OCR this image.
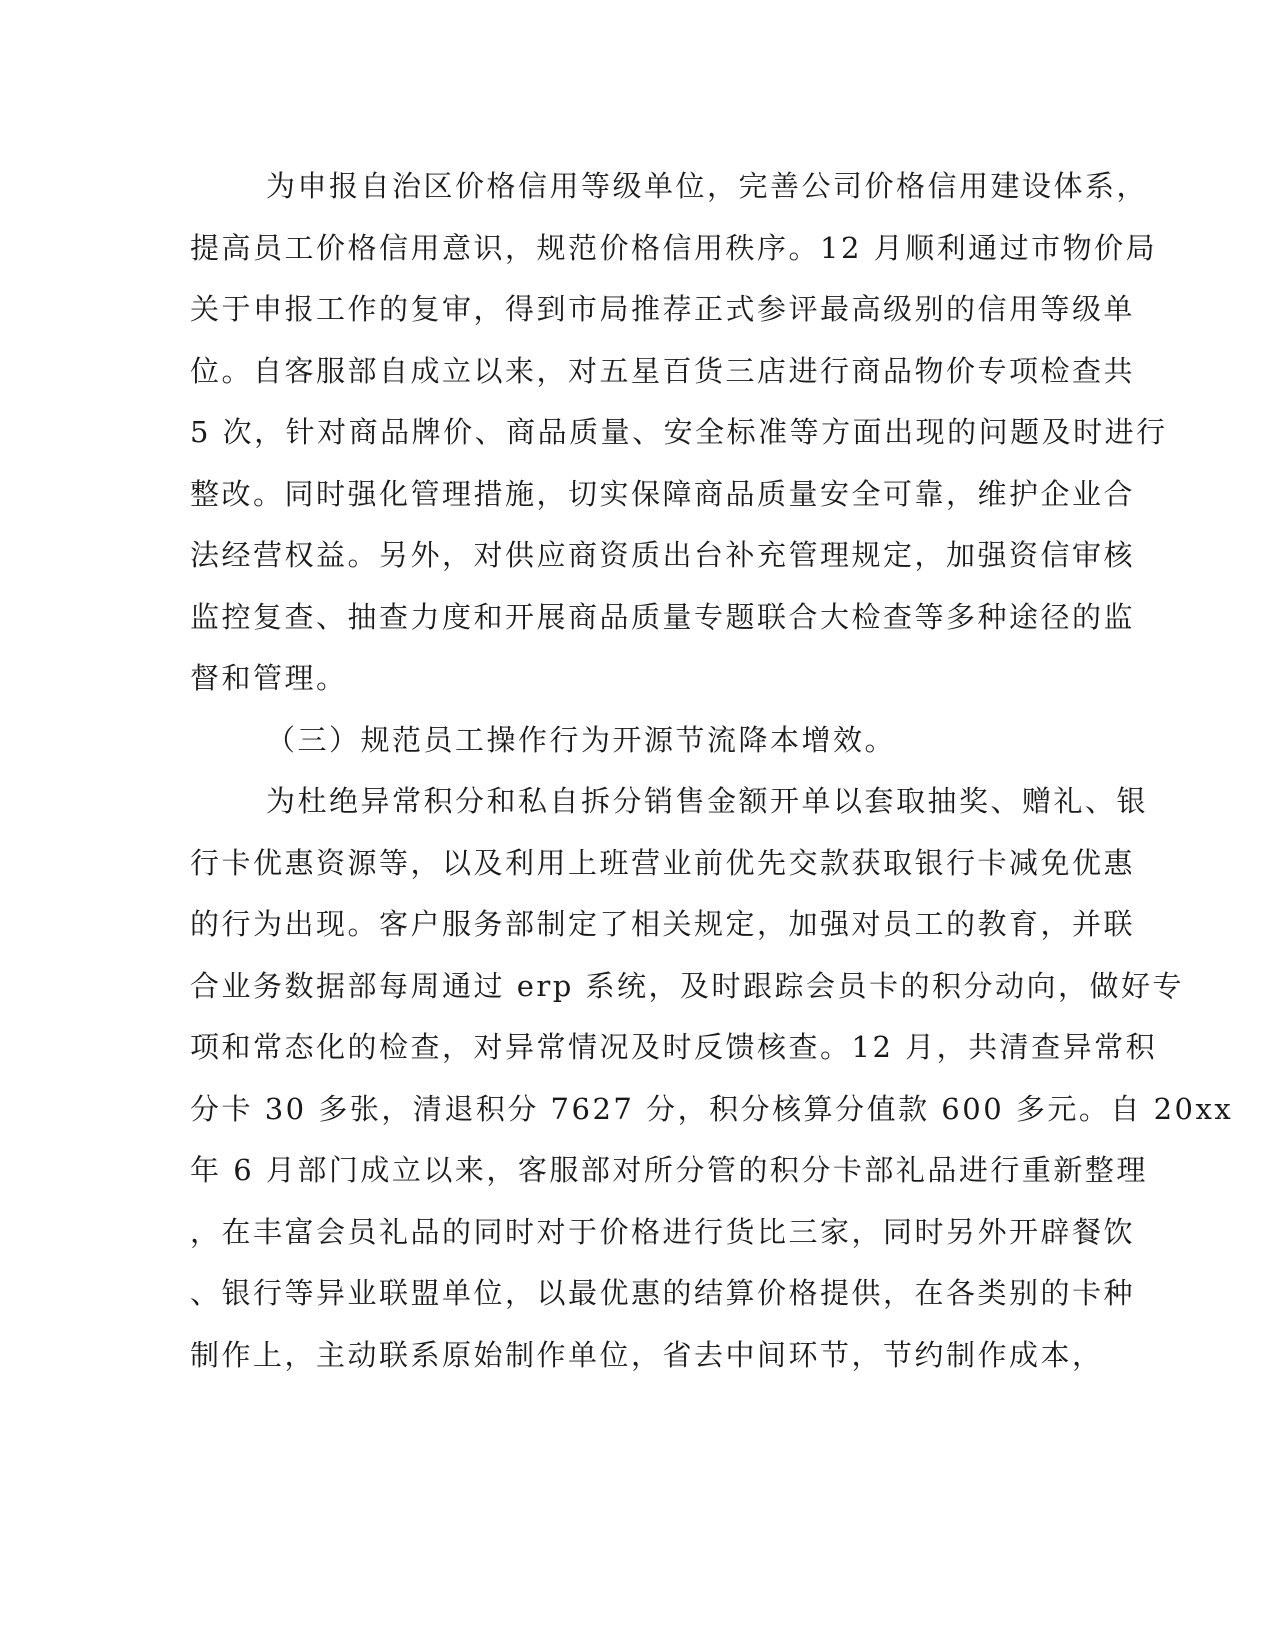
为申报自治区价格信用等级单位，完善公司价格信用建设体系，
提高员工价格信用意识，规范价格信用秩序。12 月顺利通过市物价局
关于申报工作的复审，得到市局推荐正式参评最高级别的信用等级单
位。自客服部自成立以来，对五星百货三店进行商品物价专项检查共
5 次，针对商品牌价、商品质量、安全标准等方面出现的问题及时进行
整改。同时强化管理措施，切实保障商品质量安全可靠，维护企业合
法经营权益。另外，对供应商资质出台补充管理规定，加强资信审核
监控复查、抽查力度和开展商品质量专题联合大检查等多种途径的监
督和管理。
（三）规范员工操作行为开源节流降本增效。
为杜绝异常积分和私自拆分销售金额开单以套取抽奖、赠礼、银
行卡优惠资源等，以及利用上班营业前优先交款获取银行卡减免优惠
的行为出现。客户服务部制定了相关规定，加强对员工的教育，并联
合业务数据部每周通过 erp 系统，及时跟踪会员卡的积分动向，做好专
项和常态化的检查，对异常情况及时反馈核查。12 月，共清查异常积
分卡 30 多张，清退积分 7627 分，积分核算分值款 600 多元。自 20xx
年 6 月部门成立以来，客服部对所分管的积分卡部礼品进行重新整理
，在丰富会员礼品的同时对于价格进行货比三家，同时另外开辟餐饮
、银行等异业联盟单位，以最优惠的结算价格提供，在各类别的卡种
制作上，主动联系原始制作单位，省去中间环节，节约制作成本，
